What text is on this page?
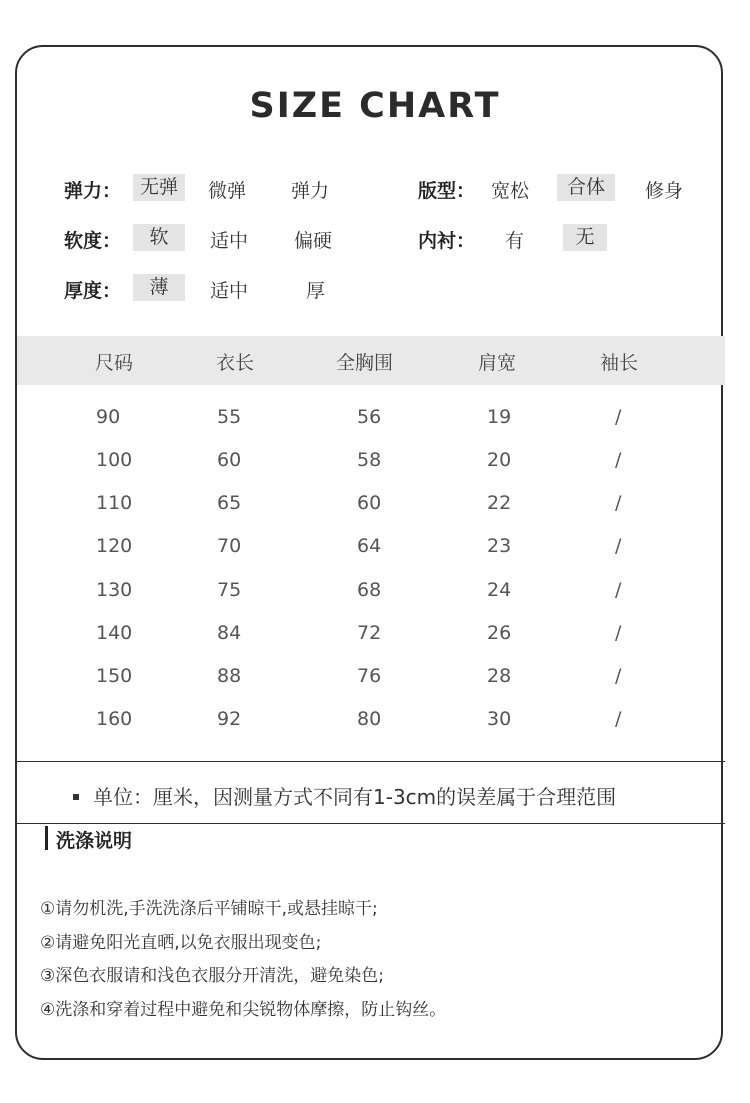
SIZE CHART
弹力： 无弹	微弹 弹力	版型： 宽松	合体	修身
软度：	软	适中 偏硬	内衬： 有	无
厚度：	薄	适中	厚
尺码	衣长	全胸围	肩宽	袖长
90	55	56	19	/
100	60	58	20	/
110	65	60	22	/
120	70	64	23	/
130	75	68	24	/
140	84	72	26	/
150	88	76	28	/
160	92	80	30	/
单位：厘米，因测量方式不同有1-3cm的误差属于合理范围
洗涤说明
①请勿机洗,手洗洗涤后平铺晾干,或悬挂晾干;
②请避免阳光直晒,以免衣服出现变色;
③深色衣服请和浅色衣服分开清洗，避免染色;
④洗涤和穿着过程中避免和尖锐物体摩擦，防止钩丝。
